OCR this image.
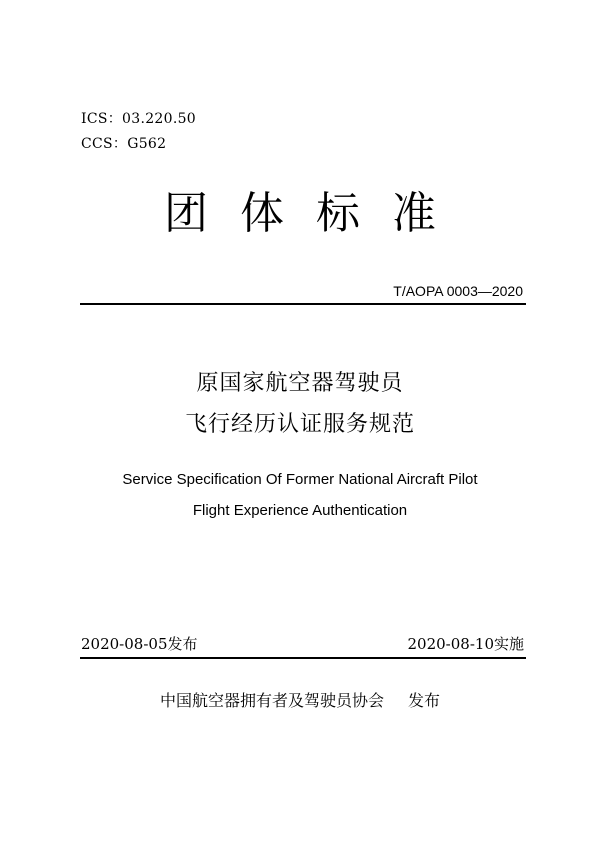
ICS：03.220.50
CCS：G562
团体标准
T/AOPA 0003—2020
原国家航空器驾驶员
飞行经历认证服务规范
Service Specification Of Former National Aircraft Pilot
Flight Experience Authentication
2020-08-05发布	2020-08-10实施
中国航空器拥有者及驾驶员协会 发布
